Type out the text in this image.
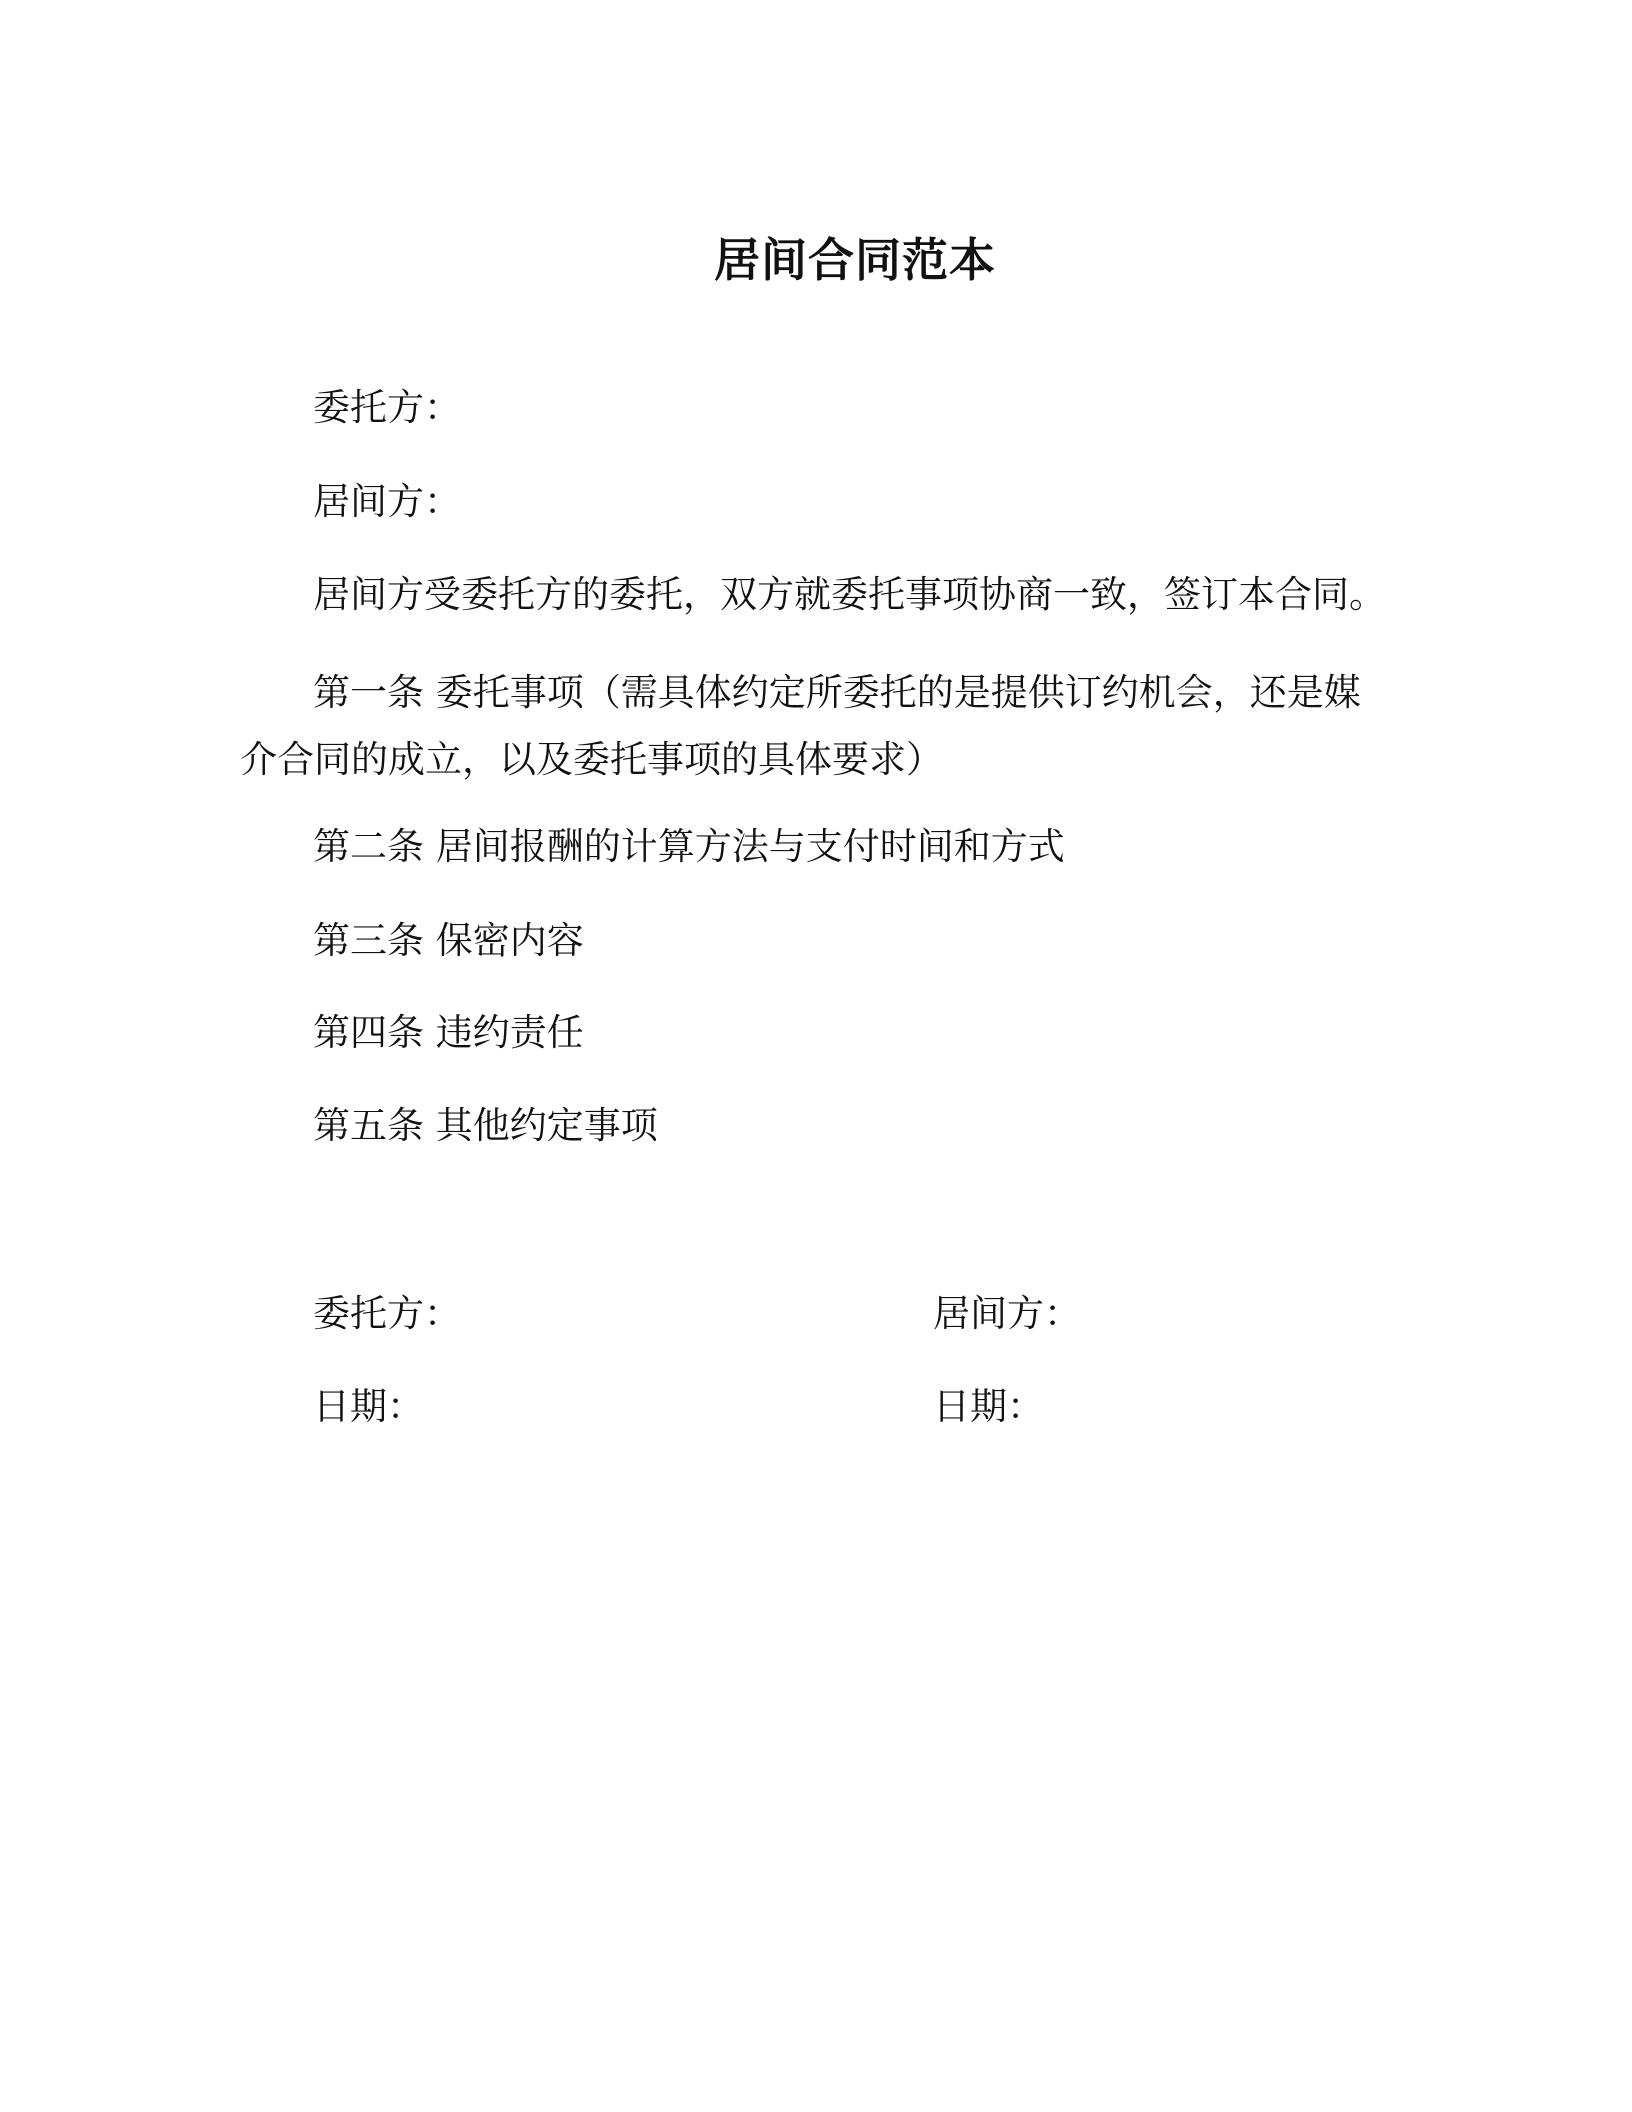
居间合同范本
委托方：
居间方：
居间方受委托方的委托，双方就委托事项协商一致，签订本合同。
第一条 委托事项（需具体约定所委托的是提供订约机会，还是媒介合同的成立，以及委托事项的具体要求）
第二条 居间报酬的计算方法与支付时间和方式
第三条 保密内容
第四条 违约责任
第五条 其他约定事项
委托方：	居间方：
日期：	日期：
